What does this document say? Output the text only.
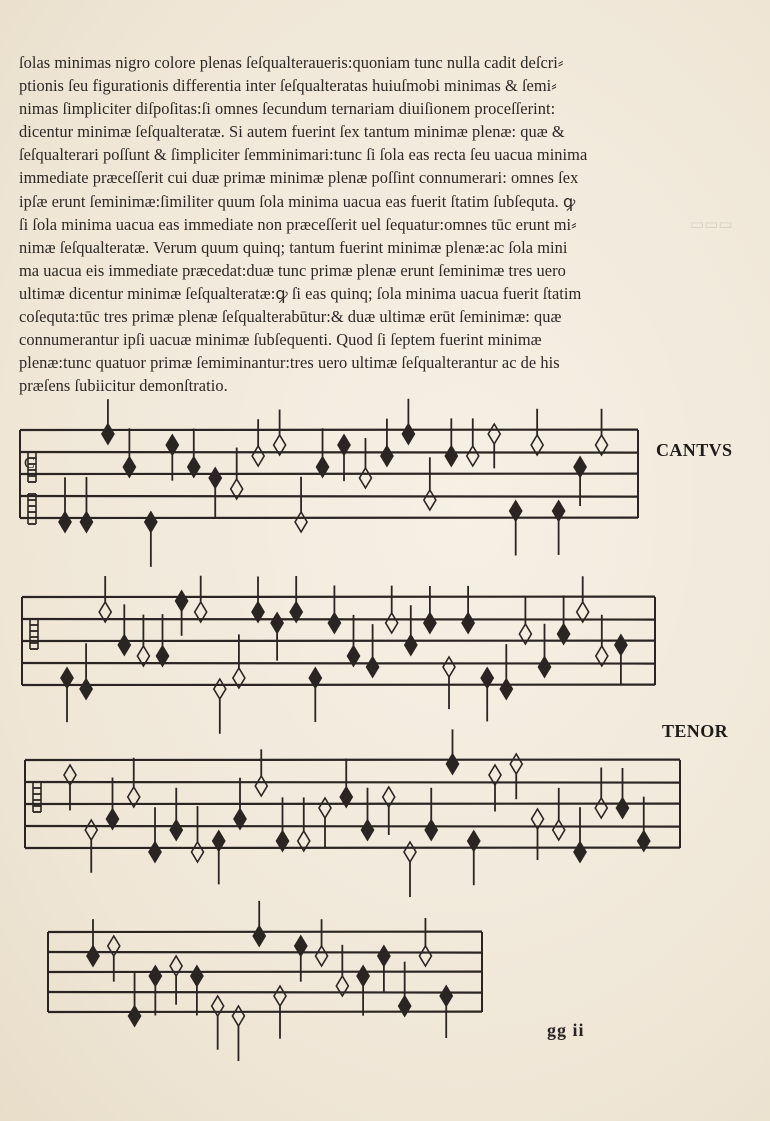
▭▭▭
ſolas minimas nigro colore plenas ſeſqualteraueris:quoniam tunc nulla cadit deſcri⸗
ptionis ſeu figurationis differentia inter ſeſqualteratas huiuſmobi minimas & ſemi⸗
nimas ſimpliciter diſpoſitas:ſi omnes ſecundum ternariam diuiſionem proceſſerint:
dicentur minimæ ſeſqualteratæ. Si autem fuerint ſex tantum minimæ plenæ: quæ &
ſeſqualterari poſſunt & ſimpliciter ſemminimari:tunc ſi ſola eas recta ſeu uacua minima
immediate præceſſerit cui duæ primæ minimæ plenæ poſſint connumerari: omnes ſex
ipſæ erunt ſeminimæ:ſimiliter quum ſola minima uacua eas fuerit ſtatim ſubſequta. ꝙ
ſi ſola minima uacua eas immediate non præceſſerit uel ſequatur:omnes tūc erunt mi⸗
nimæ ſeſqualteratæ. Verum quum quinq; tantum fuerint minimæ plenæ:ac ſola mini
ma uacua eis immediate præcedat:duæ tunc primæ plenæ erunt ſeminimæ tres uero
ultimæ dicentur minimæ ſeſqualteratæ:ꝙ ſi eas quinq; ſola minima uacua fuerit ſtatim
coſequta:tūc tres primæ plenæ ſeſqualterabūtur:& duæ ultimæ erūt ſeminimæ: quæ
connumerantur ipſi uacuæ minimæ ſubſequenti. Quod ſi ſeptem fuerint minimæ
plenæ:tunc quatuor primæ ſemiminantur:tres uero ultimæ ſeſqualterantur ac de his
præſens ſubiicitur demonſtratio.
C
CANTVS
TENOR
gg ii
